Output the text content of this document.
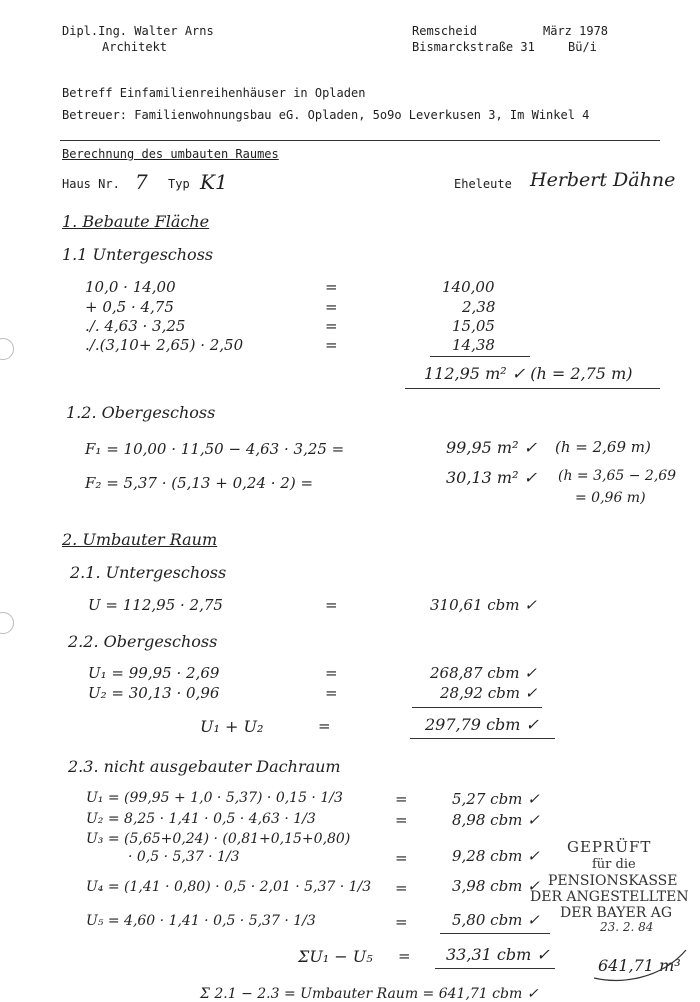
Dipl.Ing. Walter Arns
Architekt
Remscheid	März 1978
Bismarckstraße 31	Bü/i
Betreff Einfamilienreihenhäuser in Opladen
Betreuer: Familienwohnungsbau eG. Opladen, 5o9o Leverkusen 3, Im Winkel 4
Berechnung des umbauten Raumes
Haus Nr. 7 Typ K1	Eheleute Herbert Dähne
1. Bebaute Fläche
1.1 Untergeschoss
10,0 · 14,00	=	140,00
+ 0,5 · 4,75	=	2,38
./. 4,63 · 3,25	=	15,05
./.(3,10+ 2,65) · 2,50	=	14,38
112,95 m² ✓ (h = 2,75 m)
1.2. Obergeschoss
F₁ = 10,00 · 11,50 − 4,63 · 3,25 =	99,95 m² ✓ (h = 2,69 m)
F₂ = 5,37 · (5,13 + 0,24 · 2) =	30,13 m² ✓ (h = 3,65 − 2,69
= 0,96 m)
2. Umbauter Raum
2.1. Untergeschoss
U = 112,95 · 2,75	=	310,61 cbm ✓
2.2. Obergeschoss
U₁ = 99,95 · 2,69	=	268,87 cbm ✓
U₂ = 30,13 · 0,96	=	28,92 cbm ✓
U₁ + U₂	=	297,79 cbm ✓
2.3. nicht ausgebauter Dachraum
U₁ = (99,95 + 1,0 · 5,37) · 0,15 · 1/3	=	5,27 cbm ✓
U₂ = 8,25 · 1,41 · 0,5 · 4,63 · 1/3	=	8,98 cbm ✓
U₃ = (5,65+0,24) · (0,81+0,15+0,80)
· 0,5 · 5,37 · 1/3	=	9,28 cbm ✓
U₄ = (1,41 · 0,80) · 0,5 · 2,01 · 5,37 · 1/3 =	3,98 cbm ✓
U₅ = 4,60 · 1,41 · 0,5 · 5,37 · 1/3	=	5,80 cbm ✓
ΣU₁ − U₅ = 33,31 cbm ✓
641,71 m³
Σ 2.1 − 2.3 = Umbauter Raum = 641,71 cbm ✓
GEPRÜFT
für die
PENSIONSKASSE
DER ANGESTELLTEN
DER BAYER AG
23. 2. 84
